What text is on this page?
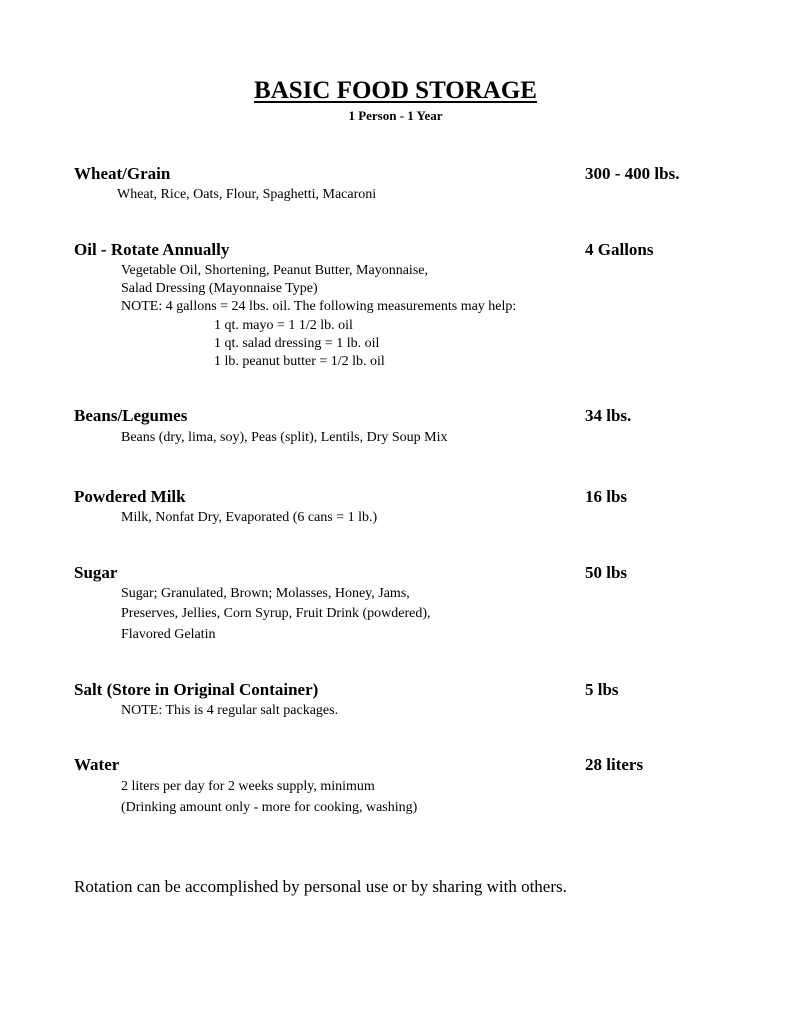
BASIC FOOD STORAGE
1 Person - 1 Year
Wheat/Grain	300 - 400 lbs.
Wheat, Rice, Oats, Flour, Spaghetti, Macaroni
Oil - Rotate Annually	4 Gallons
Vegetable Oil, Shortening, Peanut Butter, Mayonnaise,
Salad Dressing (Mayonnaise Type)
NOTE: 4 gallons = 24 lbs. oil. The following measurements may help:
1 qt. mayo = 1 1/2 lb. oil
1 qt. salad dressing = 1 lb. oil
1 lb. peanut butter = 1/2 lb. oil
Beans/Legumes	34 lbs.
Beans (dry, lima, soy), Peas (split), Lentils, Dry Soup Mix
Powdered Milk	16 lbs
Milk, Nonfat Dry, Evaporated (6 cans = 1 lb.)
Sugar	50 lbs
Sugar; Granulated, Brown; Molasses, Honey, Jams,
Preserves, Jellies, Corn Syrup, Fruit Drink (powdered),
Flavored Gelatin
Salt (Store in Original Container)	5 lbs
NOTE: This is 4 regular salt packages.
Water	28 liters
2 liters per day for 2 weeks supply, minimum
(Drinking amount only - more for cooking, washing)
Rotation can be accomplished by personal use or by sharing with others.
